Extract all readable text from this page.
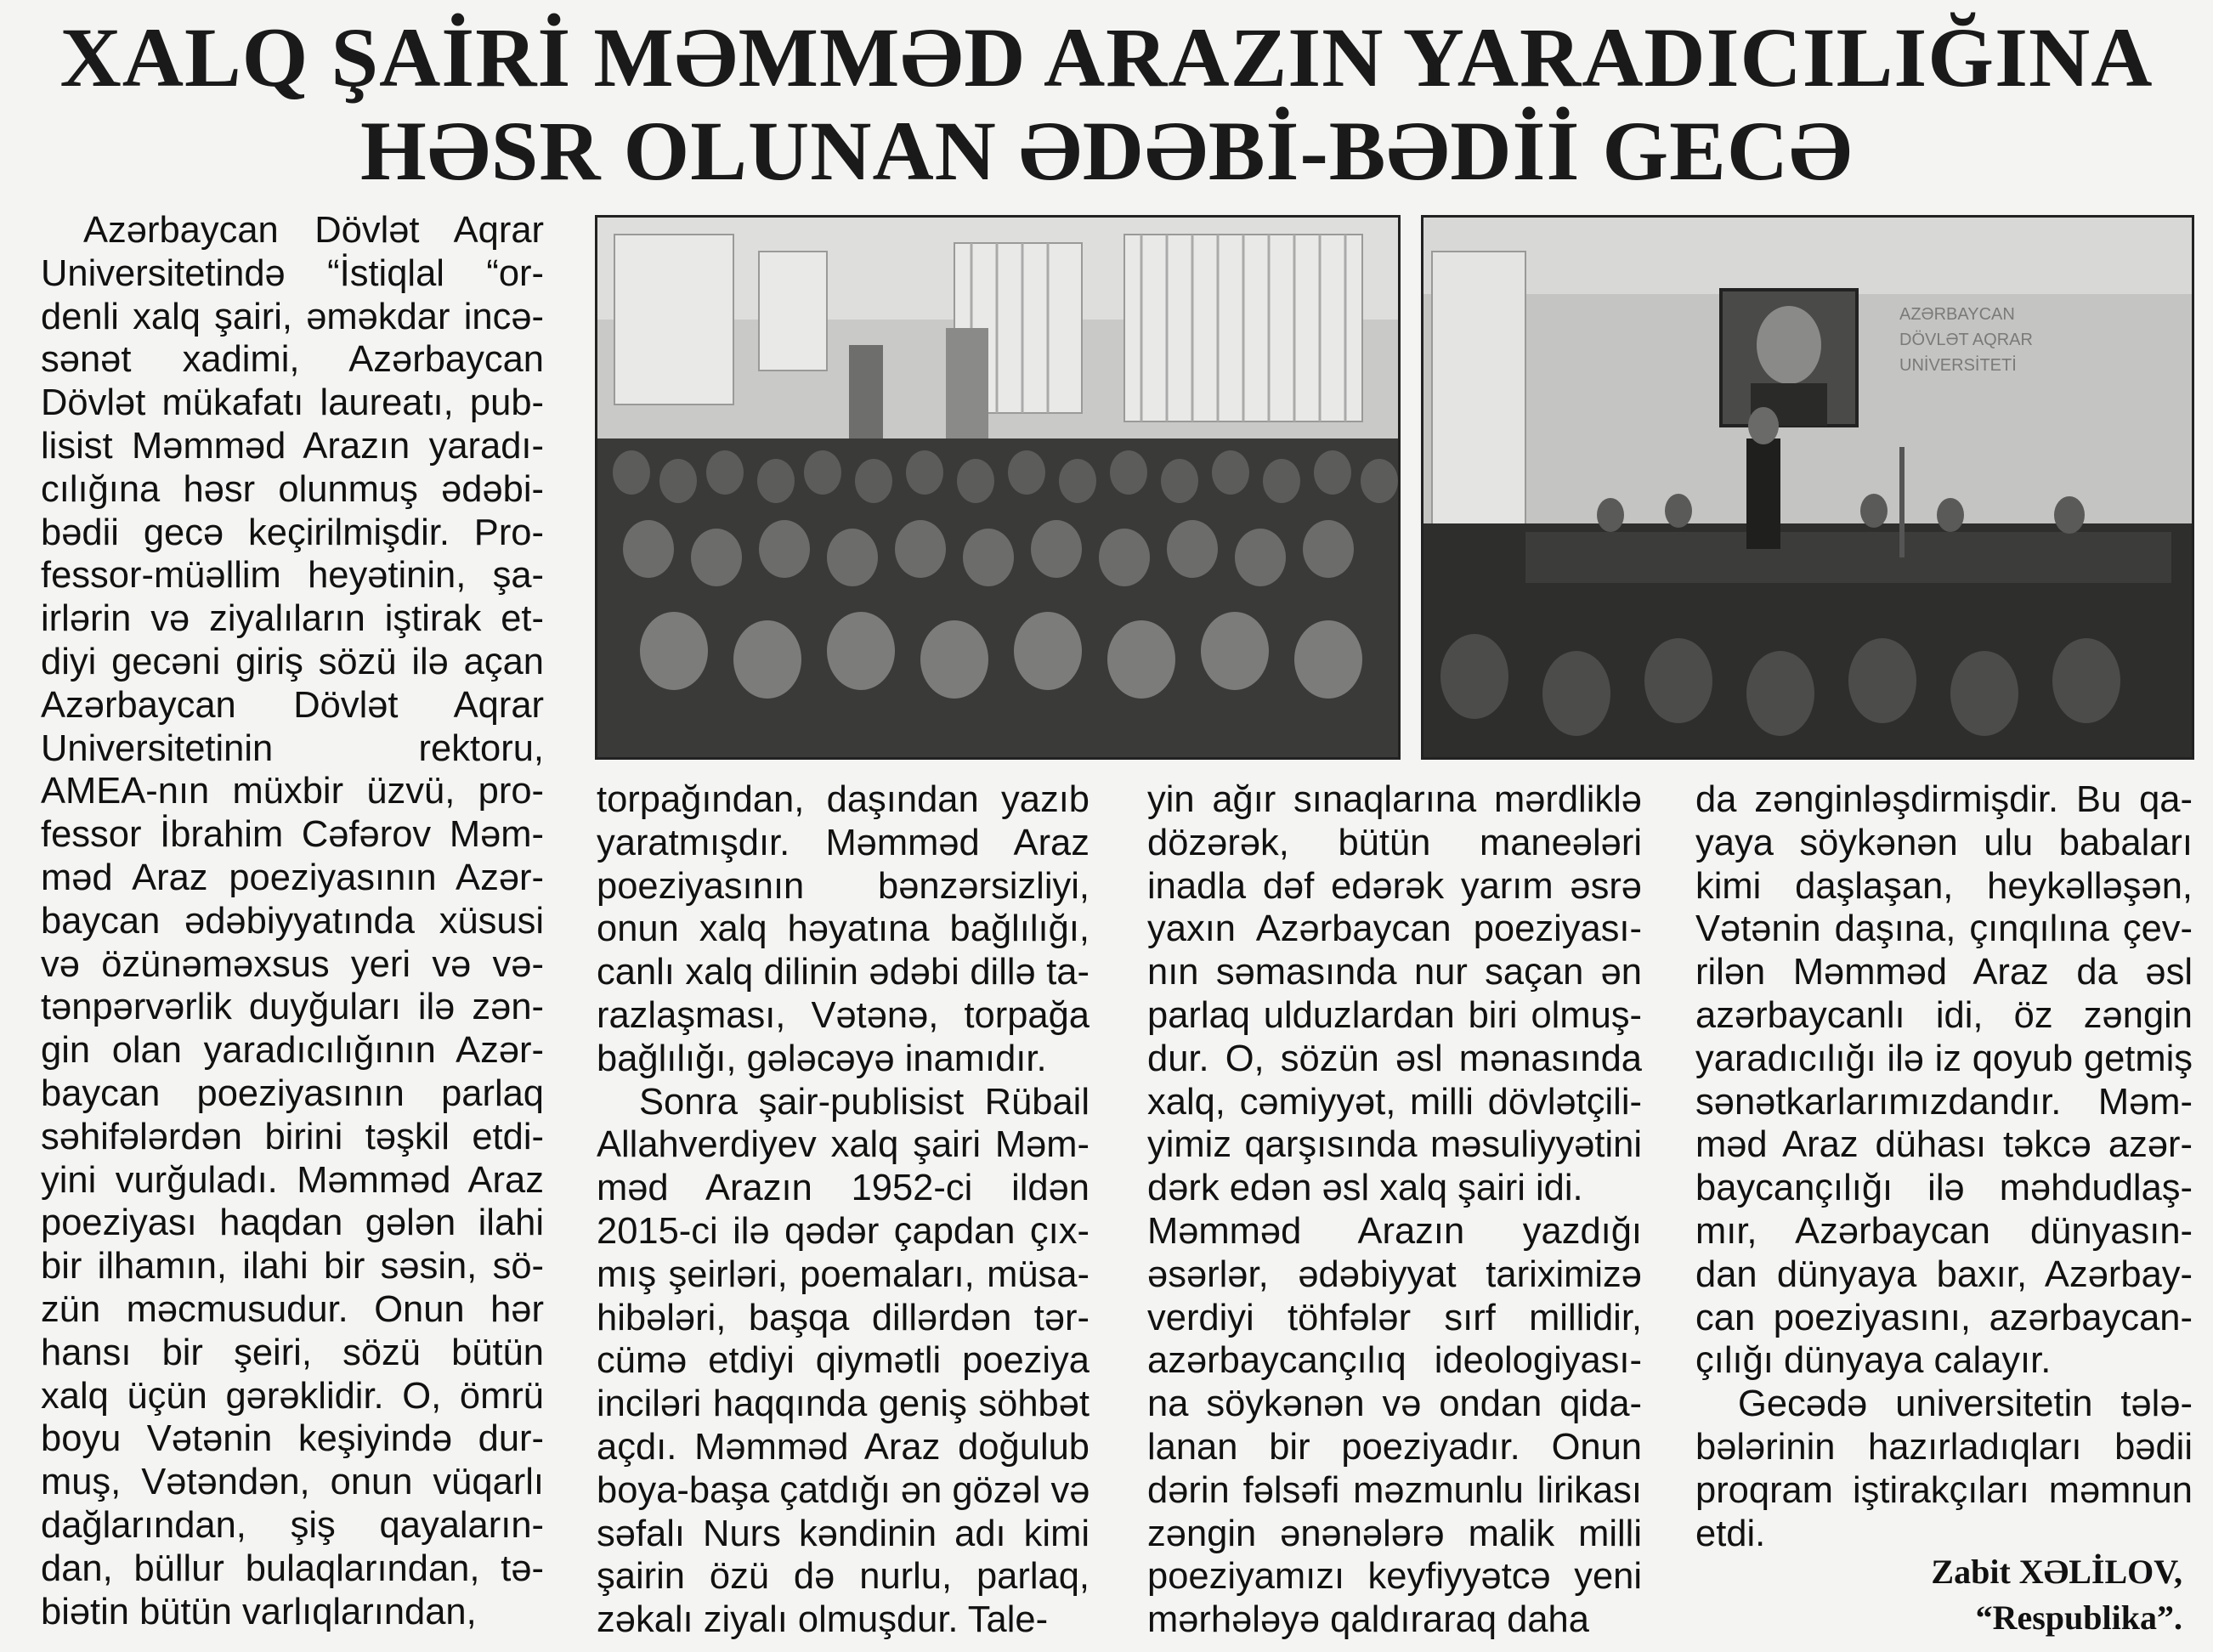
XALQ ŞAİRİ MƏMMƏD ARAZIN YARADICILIĞINA
HƏSR OLUNAN ƏDƏBİ-BƏDİİ GECƏ
Azərbaycan Dövlət Aqrar
Universitetində “İstiqlal “or-
denli xalq şairi, əməkdar incə-
sənət xadimi, Azərbaycan
Dövlət mükafatı laureatı, pub-
lisist Məmməd Arazın yaradı-
cılığına həsr olunmuş ədəbi-
bədii gecə keçirilmişdir. Pro-
fessor-müəllim heyətinin, şa-
irlərin və ziyalıların iştirak et-
diyi gecəni giriş sözü ilə açan
Azərbaycan Dövlət Aqrar
Universitetinin rektoru,
AMEA-nın müxbir üzvü, pro-
fessor İbrahim Cəfərov Məm-
məd Araz poeziyasının Azər-
baycan ədəbiyyatında xüsusi
və özünəməxsus yeri və və-
tənpərvərlik duyğuları ilə zən-
gin olan yaradıcılığının Azər-
baycan poeziyasının parlaq
səhifələrdən birini təşkil etdi-
yini vurğuladı. Məmməd Araz
poeziyası haqdan gələn ilahi
bir ilhamın, ilahi bir səsin, sö-
zün məcmusudur. Onun hər
hansı bir şeiri, sözü bütün
xalq üçün gərəklidir. O, ömrü
boyu Vətənin keşiyində dur-
muş, Vətəndən, onun vüqarlı
dağlarından, şiş qayaların-
dan, büllur bulaqlarından, tə-
biətin bütün varlıqlarından,
AZƏRBAYCAN
DÖVLƏT AQRAR
UNİVERSİTETİ
torpağından, daşından yazıb
yaratmışdır. Məmməd Araz
poeziyasının bənzərsizliyi,
onun xalq həyatına bağlılığı,
canlı xalq dilinin ədəbi dillə ta-
razlaşması, Vətənə, torpağa
bağlılığı, gələcəyə inamıdır.
Sonra şair-publisist Rübail
Allahverdiyev xalq şairi Məm-
məd Arazın 1952-ci ildən
2015-ci ilə qədər çapdan çıx-
mış şeirləri, poemaları, müsa-
hibələri, başqa dillərdən tər-
cümə etdiyi qiymətli poeziya
inciləri haqqında geniş söhbət
açdı. Məmməd Araz doğulub
boya-başa çatdığı ən gözəl və
səfalı Nurs kəndinin adı kimi
şairin özü də nurlu, parlaq,
zəkalı ziyalı olmuşdur. Tale-
yin ağır sınaqlarına mərdliklə
dözərək, bütün maneələri
inadla dəf edərək yarım əsrə
yaxın Azərbaycan poeziyası-
nın səmasında nur saçan ən
parlaq ulduzlardan biri olmuş-
dur. O, sözün əsl mənasında
xalq, cəmiyyət, milli dövlətçili-
yimiz qarşısında məsuliyyətini
dərk edən əsl xalq şairi idi.
Məmməd Arazın yazdığı
əsərlər, ədəbiyyat tariximizə
verdiyi töhfələr sırf millidir,
azərbaycançılıq ideologiyası-
na söykənən və ondan qida-
lanan bir poeziyadır. Onun
dərin fəlsəfi məzmunlu lirikası
zəngin ənənələrə malik milli
poeziyamızı keyfiyyətcə yeni
mərhələyə qaldıraraq daha
da zənginləşdirmişdir. Bu qa-
yaya söykənən ulu babaları
kimi daşlaşan, heykəlləşən,
Vətənin daşına, çınqılına çev-
rilən Məmməd Araz da əsl
azərbaycanlı idi, öz zəngin
yaradıcılığı ilə iz qoyub getmiş
sənətkarlarımızdandır. Məm-
məd Araz dühası təkcə azər-
baycançılığı ilə məhdudlaş-
mır, Azərbaycan dünyasın-
dan dünyaya baxır, Azərbay-
can poeziyasını, azərbaycan-
çılığı dünyaya calayır.
Gecədə universitetin tələ-
bələrinin hazırladıqları bədii
proqram iştirakçıları məmnun
etdi.
Zabit XƏLİLOV,
“Respublika”.
